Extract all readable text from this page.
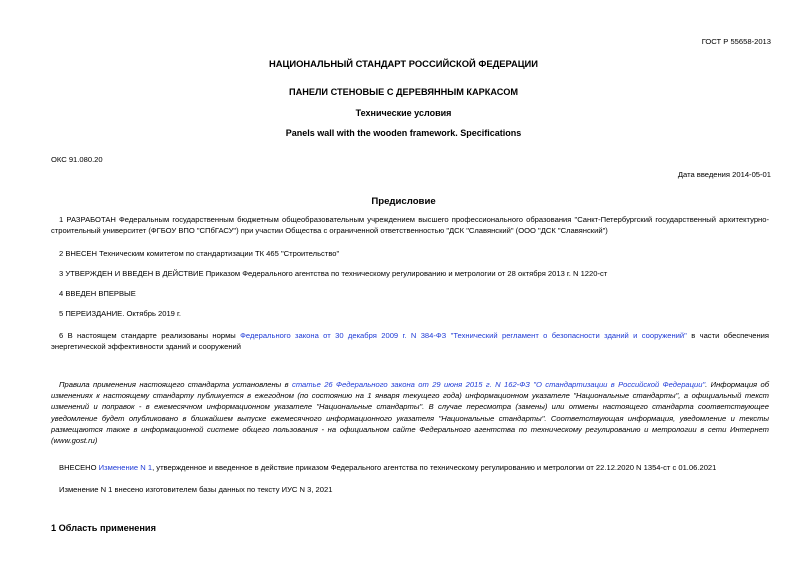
ГОСТ Р 55658-2013
НАЦИОНАЛЬНЫЙ СТАНДАРТ РОССИЙСКОЙ ФЕДЕРАЦИИ
ПАНЕЛИ СТЕНОВЫЕ С ДЕРЕВЯННЫМ КАРКАСОМ
Технические условия
Panels wall with the wooden framework. Specifications
ОКС 91.080.20
Дата введения 2014-05-01
Предисловие
1 РАЗРАБОТАН Федеральным государственным бюджетным общеобразовательным учреждением высшего профессионального образования "Санкт-Петербургский государственный архитектурно-строительный университет (ФГБОУ ВПО "СПбГАСУ") при участии Общества с ограниченной ответственностью "ДСК "Славянский" (ООО "ДСК "Славянский")
2 ВНЕСЕН Техническим комитетом по стандартизации ТК 465 "Строительство"
3 УТВЕРЖДЕН И ВВЕДЕН В ДЕЙСТВИЕ Приказом Федерального агентства по техническому регулированию и метрологии от 28 октября 2013 г. N 1220-ст
4 ВВЕДЕН ВПЕРВЫЕ
5 ПЕРЕИЗДАНИЕ. Октябрь 2019 г.
6 В настоящем стандарте реализованы нормы Федерального закона от 30 декабря 2009 г. N 384-ФЗ "Технический регламент о безопасности зданий и сооружений" в части обеспечения энергетической эффективности зданий и сооружений
Правила применения настоящего стандарта установлены в статье 26 Федерального закона от 29 июня 2015 г. N 162-ФЗ "О стандартизации в Российской Федерации". Информация об изменениях к настоящему стандарту публикуется в ежегодном (по состоянию на 1 января текущего года) информационном указателе "Национальные стандарты", а официальный текст изменений и поправок - в ежемесячном информационном указателе "Национальные стандарты". В случае пересмотра (замены) или отмены настоящего стандарта соответствующее уведомление будет опубликовано в ближайшем выпуске ежемесячного информационного указателя "Национальные стандарты". Соответствующая информация, уведомление и тексты размещаются также в информационной системе общего пользования - на официальном сайте Федерального агентства по техническому регулированию и метрологии в сети Интернет (www.gost.ru)
ВНЕСЕНО Изменение N 1, утвержденное и введенное в действие приказом Федерального агентства по техническому регулированию и метрологии от 22.12.2020 N 1354-ст с 01.06.2021
Изменение N 1 внесено изготовителем базы данных по тексту ИУС N 3, 2021
1 Область применения
